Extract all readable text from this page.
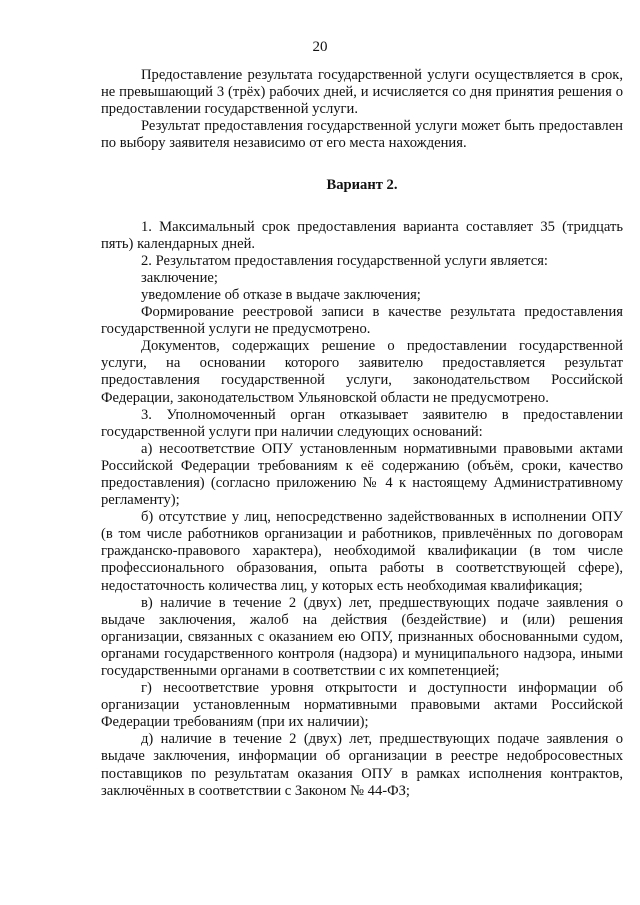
20

Предоставление результата государственной услуги осуществляется в срок, не превышающий 3 (трёх) рабочих дней, и исчисляется со дня принятия решения о предоставлении государственной услуги.

Результат предоставления государственной услуги может быть предоставлен по выбору заявителя независимо от его места нахождения.

Вариант 2.

1. Максимальный срок предоставления варианта составляет 35 (тридцать пять) календарных дней.

2. Результатом предоставления государственной услуги является:

заключение;

уведомление об отказе в выдаче заключения;

Формирование реестровой записи в качестве результата предоставления государственной услуги не предусмотрено.

Документов, содержащих решение о предоставлении государственной услуги, на основании которого заявителю предоставляется результат предоставления государственной услуги, законодательством Российской Федерации, законодательством Ульяновской области не предусмотрено.

3. Уполномоченный орган отказывает заявителю в предоставлении государственной услуги при наличии следующих оснований:

а) несоответствие ОПУ установленным нормативными правовыми актами Российской Федерации требованиям к её содержанию (объём, сроки, качество предоставления) (согласно приложению № 4 к настоящему Административному регламенту);

б) отсутствие у лиц, непосредственно задействованных в исполнении ОПУ (в том числе работников организации и работников, привлечённых по договорам гражданско-правового характера), необходимой квалификации (в том числе профессионального образования, опыта работы в соответствующей сфере), недостаточность количества лиц, у которых есть необходимая квалификация;

в) наличие в течение 2 (двух) лет, предшествующих подаче заявления о выдаче заключения, жалоб на действия (бездействие) и (или) решения организации, связанных с оказанием ею ОПУ, признанных обоснованными судом, органами государственного контроля (надзора) и муниципального надзора, иными государственными органами в соответствии с их компетенцией;

г) несоответствие уровня открытости и доступности информации об организации установленным нормативными правовыми актами Российской Федерации требованиям (при их наличии);

д) наличие в течение 2 (двух) лет, предшествующих подаче заявления о выдаче заключения, информации об организации в реестре недобросовестных поставщиков по результатам оказания ОПУ в рамках исполнения контрактов, заключённых в соответствии с Законом № 44-ФЗ;
